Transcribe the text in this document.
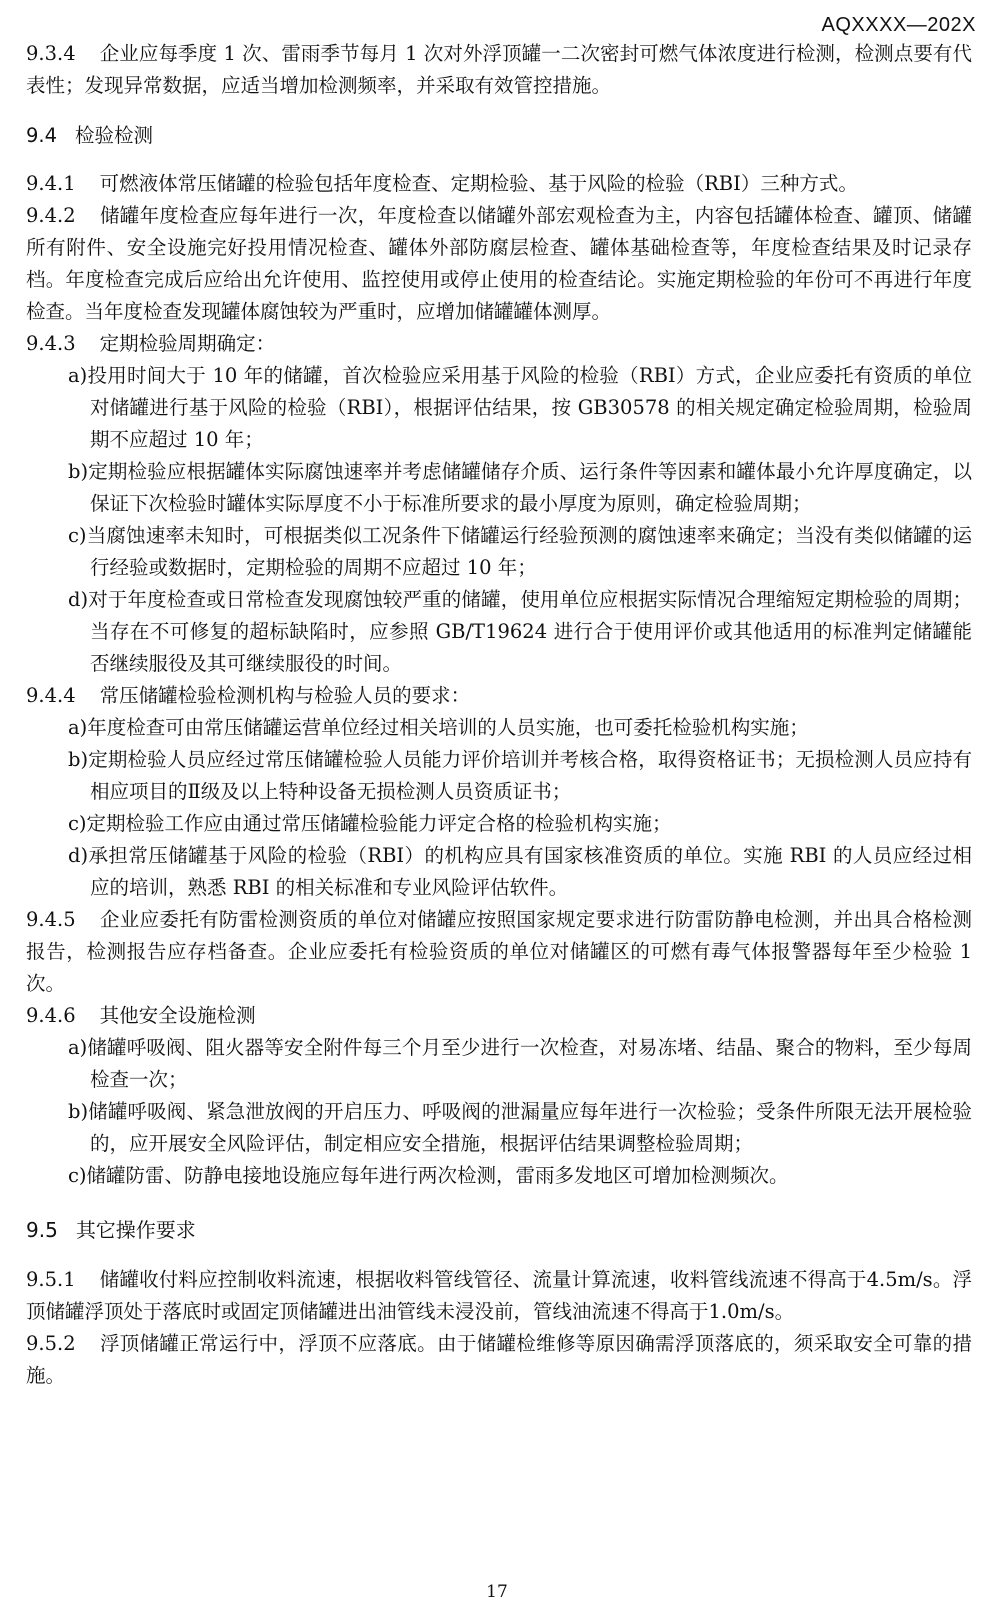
AQXXXX—202X

9.3.4 企业应每季度 1 次、雷雨季节每月 1 次对外浮顶罐一二次密封可燃气体浓度进行检测，检测点要有代表性；发现异常数据，应适当增加检测频率，并采取有效管控措施。

9.4 检验检测

9.4.1 可燃液体常压储罐的检验包括年度检查、定期检验、基于风险的检验（RBI）三种方式。

9.4.2 储罐年度检查应每年进行一次，年度检查以储罐外部宏观检查为主，内容包括罐体检查、罐顶、储罐所有附件、安全设施完好投用情况检查、罐体外部防腐层检查、罐体基础检查等，年度检查结果及时记录存档。年度检查完成后应给出允许使用、监控使用或停止使用的检查结论。实施定期检验的年份可不再进行年度检查。当年度检查发现罐体腐蚀较为严重时，应增加储罐罐体测厚。

9.4.3 定期检验周期确定：

a)投用时间大于 10 年的储罐，首次检验应采用基于风险的检验（RBI）方式，企业应委托有资质的单位对储罐进行基于风险的检验（RBI），根据评估结果，按 GB30578 的相关规定确定检验周期，检验周期不应超过 10 年；
b)定期检验应根据罐体实际腐蚀速率并考虑储罐储存介质、运行条件等因素和罐体最小允许厚度确定，以保证下次检验时罐体实际厚度不小于标准所要求的最小厚度为原则，确定检验周期；
c)当腐蚀速率未知时，可根据类似工况条件下储罐运行经验预测的腐蚀速率来确定；当没有类似储罐的运行经验或数据时，定期检验的周期不应超过 10 年；
d)对于年度检查或日常检查发现腐蚀较严重的储罐，使用单位应根据实际情况合理缩短定期检验的周期；当存在不可修复的超标缺陷时，应参照 GB/T19624 进行合于使用评价或其他适用的标准判定储罐能否继续服役及其可继续服役的时间。

9.4.4 常压储罐检验检测机构与检验人员的要求：

a)年度检查可由常压储罐运营单位经过相关培训的人员实施，也可委托检验机构实施；
b)定期检验人员应经过常压储罐检验人员能力评价培训并考核合格，取得资格证书；无损检测人员应持有相应项目的Ⅱ级及以上特种设备无损检测人员资质证书；
c)定期检验工作应由通过常压储罐检验能力评定合格的检验机构实施；
d)承担常压储罐基于风险的检验（RBI）的机构应具有国家核准资质的单位。实施 RBI 的人员应经过相应的培训，熟悉 RBI 的相关标准和专业风险评估软件。

9.4.5 企业应委托有防雷检测资质的单位对储罐应按照国家规定要求进行防雷防静电检测，并出具合格检测报告，检测报告应存档备查。企业应委托有检验资质的单位对储罐区的可燃有毒气体报警器每年至少检验 1 次。

9.4.6 其他安全设施检测

a)储罐呼吸阀、阻火器等安全附件每三个月至少进行一次检查，对易冻堵、结晶、聚合的物料，至少每周检查一次；
b)储罐呼吸阀、紧急泄放阀的开启压力、呼吸阀的泄漏量应每年进行一次检验；受条件所限无法开展检验的，应开展安全风险评估，制定相应安全措施，根据评估结果调整检验周期；
c)储罐防雷、防静电接地设施应每年进行两次检测，雷雨多发地区可增加检测频次。
9.5 其它操作要求

9.5.1 储罐收付料应控制收料流速，根据收料管线管径、流量计算流速，收料管线流速不得高于4.5m/s。浮顶储罐浮顶处于落底时或固定顶储罐进出油管线未浸没前，管线油流速不得高于1.0m/s。

9.5.2 浮顶储罐正常运行中，浮顶不应落底。由于储罐检维修等原因确需浮顶落底的，须采取安全可靠的措施。

17
